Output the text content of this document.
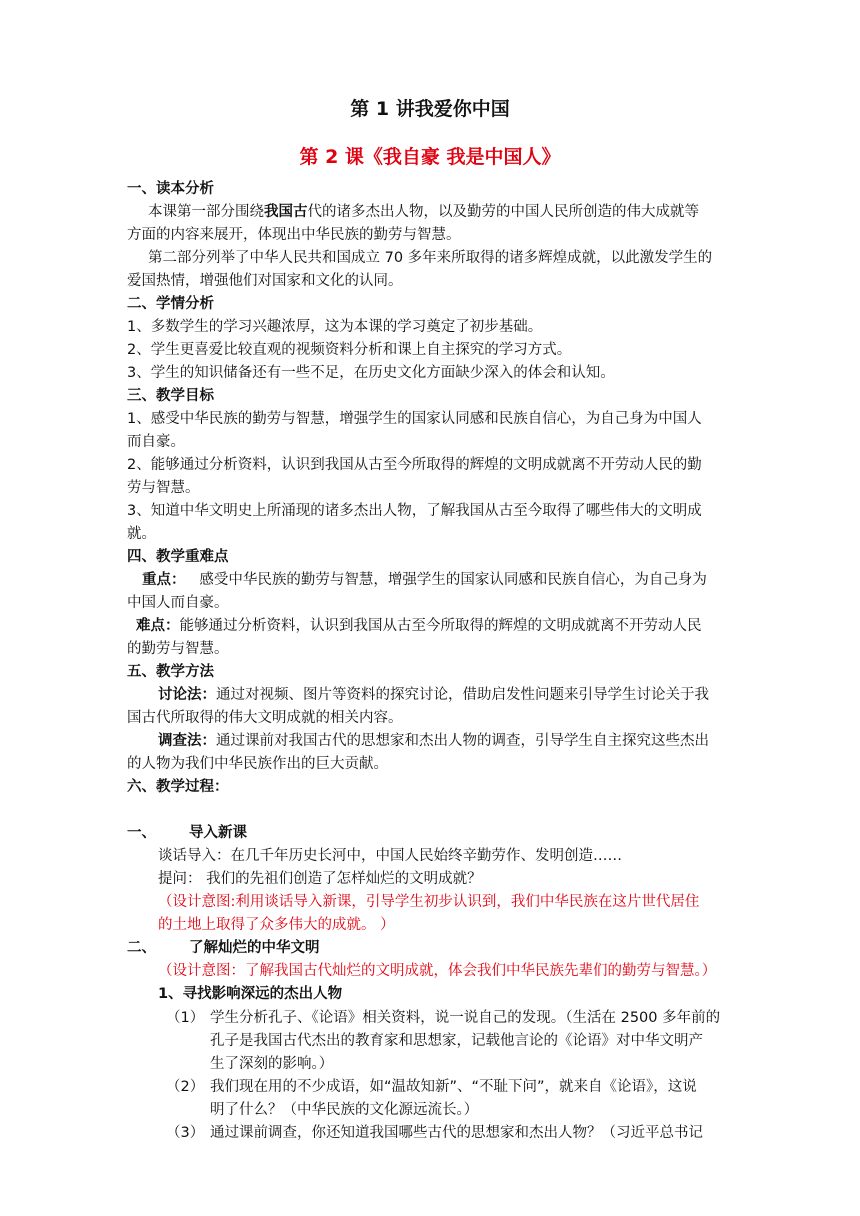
第 1 讲我爱你中国
第 2 课《我自豪 我是中国人》
一、读本分析
本课第一部分围绕我国古代的诸多杰出人物，以及勤劳的中国人民所创造的伟大成就等
方面的内容来展开，体现出中华民族的勤劳与智慧。
第二部分列举了中华人民共和国成立 70 多年来所取得的诸多辉煌成就，以此激发学生的
爱国热情，增强他们对国家和文化的认同。
二、学情分析
1、多数学生的学习兴趣浓厚，这为本课的学习奠定了初步基础。
2、学生更喜爱比较直观的视频资料分析和课上自主探究的学习方式。
3、学生的知识储备还有一些不足，在历史文化方面缺少深入的体会和认知。
三、教学目标
1、感受中华民族的勤劳与智慧，增强学生的国家认同感和民族自信心，为自己身为中国人
而自豪。
2、能够通过分析资料，认识到我国从古至今所取得的辉煌的文明成就离不开劳动人民的勤
劳与智慧。
3、知道中华文明史上所涌现的诸多杰出人物，了解我国从古至今取得了哪些伟大的文明成
就。
四、教学重难点
重点： 感受中华民族的勤劳与智慧，增强学生的国家认同感和民族自信心，为自己身为
中国人而自豪。
难点：能够通过分析资料，认识到我国从古至今所取得的辉煌的文明成就离不开劳动人民
的勤劳与智慧。
五、教学方法
讨论法：通过对视频、图片等资料的探究讨论，借助启发性问题来引导学生讨论关于我
国古代所取得的伟大文明成就的相关内容。
调查法：通过课前对我国古代的思想家和杰出人物的调查，引导学生自主探究这些杰出
的人物为我们中华民族作出的巨大贡献。
六、教学过程：
一、 导入新课
谈话导入：在几千年历史长河中，中国人民始终辛勤劳作、发明创造……
提问： 我们的先祖们创造了怎样灿烂的文明成就？
（设计意图:利用谈话导入新课，引导学生初步认识到，我们中华民族在这片世代居住
的土地上取得了众多伟大的成就。 ）
二、 了解灿烂的中华文明
（设计意图：了解我国古代灿烂的文明成就，体会我们中华民族先辈们的勤劳与智慧。）
1、寻找影响深远的杰出人物
（1） 学生分析孔子、《论语》相关资料，说一说自己的发现。（生活在 2500 多年前的
孔子是我国古代杰出的教育家和思想家，记载他言论的《论语》对中华文明产
生了深刻的影响。）
（2） 我们现在用的不少成语，如“温故知新”、“不耻下问”，就来自《论语》，这说
明了什么？（中华民族的文化源远流长。）
（3） 通过课前调查，你还知道我国哪些古代的思想家和杰出人物？（习近平总书记
